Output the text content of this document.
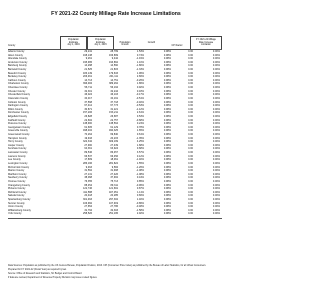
FY 2021-22 County Millage Rate Increase Limitations
County
Population
Estimate
July 1, 2016
Population
Estimate
July 1, 2015
Population
Growth
Growth
CPI Factor
FY 2021-22 Millage
Rate Increase
Limitation
Adams County	29,241	28,799	1.53%	0.98%	0.00	0.00%
Aiken County	168,138	166,899	0.74%	0.98%	0.00	0.00%
Allendale County	9,261	9,442	-1.91%	0.98%	0.00	0.00%
Anderson County	195,995	193,862	1.10%	0.98%	0.00	0.00%
Bamberg County	14,298	14,560	-1.80%	0.98%	0.00	0.00%
Barnwell County	21,525	21,815	-1.33%	0.98%	0.00	0.00%
Beaufort County	183,149	179,633	1.96%	0.98%	0.00	0.00%
Berkeley County	206,461	201,111	2.66%	0.98%	0.00	0.00%
Calhoun County	14,713	14,751	-0.26%	0.98%	0.00	0.00%
Charleston County	396,484	389,262	1.86%	0.98%	0.00	0.00%
Cherokee County	56,711	56,194	0.92%	0.98%	0.00	0.00%
Chester County	32,301	32,244	0.18%	0.98%	0.00	0.00%
Chesterfield County	46,024	46,103	-0.17%	0.98%	0.00	0.00%
Clarendon County	34,017	34,191	-0.51%	0.98%	0.00	0.00%
Colleton County	37,568	37,718	-0.40%	0.98%	0.00	0.00%
Darlington County	67,412	67,773	-0.53%	0.98%	0.00	0.00%
Dillon County	30,871	31,221	-1.12%	0.98%	0.00	0.00%
Dorchester County	157,206	153,211	2.61%	0.98%	0.00	0.00%
Edgefield County	26,828	26,687	0.53%	0.98%	0.00	0.00%
Fairfield County	22,602	22,757	-0.68%	0.98%	0.00	0.00%
Florence County	138,900	138,564	0.24%	0.98%	0.00	0.00%
Georgetown County	61,605	61,129	0.78%	0.98%	0.00	0.00%
Greenville County	498,402	490,325	1.65%	0.98%	0.00	0.00%
Greenwood County	70,264	69,840	0.61%	0.98%	0.00	0.00%
Hampton County	19,943	20,215	-1.35%	0.98%	0.00	0.00%
Horry County	322,342	309,199	4.25%	0.98%	0.00	0.00%
Jasper County	27,900	27,439	1.68%	0.98%	0.00	0.00%
Kershaw County	64,361	63,924	0.68%	0.98%	0.00	0.00%
Lancaster County	89,546	86,457	3.57%	0.98%	0.00	0.00%
Laurens County	66,537	66,456	0.12%	0.98%	0.00	0.00%
Lee County	17,809	18,061	-1.40%	0.98%	0.00	0.00%
Lexington County	286,196	281,822	1.55%	0.98%	0.00	0.00%
McCormick County	9,463	9,584	-1.26%	0.98%	0.00	0.00%
Marion County	31,562	31,908	-1.08%	0.98%	0.00	0.00%
Marlboro County	27,131	27,426	-1.08%	0.98%	0.00	0.00%
Newberry County	38,068	37,902	0.44%	0.98%	0.00	0.00%
Oconee County	76,355	75,713	0.85%	0.98%	0.00	0.00%
Orangeburg County	88,454	89,311	-0.96%	0.98%	0.00	0.00%
Pickens County	122,746	121,691	0.87%	0.98%	0.00	0.00%
Richland County	411,588	407,051	1.11%	0.98%	0.00	0.00%
Saluda County	20,418	20,285	0.66%	0.98%	0.00	0.00%
Spartanburg County	301,463	297,302	1.40%	0.98%	0.00	0.00%
Sumter County	106,992	107,919	-0.86%	0.98%	0.00	0.00%
Union County	27,654	27,786	-0.48%	0.98%	0.00	0.00%
Williamsburg County	31,794	32,303	-1.58%	0.98%	0.00	0.00%
York County	258,526	251,195	2.92%	0.98%	0.00	0.00%

Data Sources: Population as published by the US Census Bureau, Population Division, 2016. CPI (Consumer Price Index) as published by the Bureau of Labor Statistics, for all Urban Consumers.

Prepared for FY 2021-22 (Fiscal Year) as required by law.

Source: Office of Research and Statistics, SC Budget and Control Board

If data are revised, Department of Revenue Property Division may issue revised figures.
